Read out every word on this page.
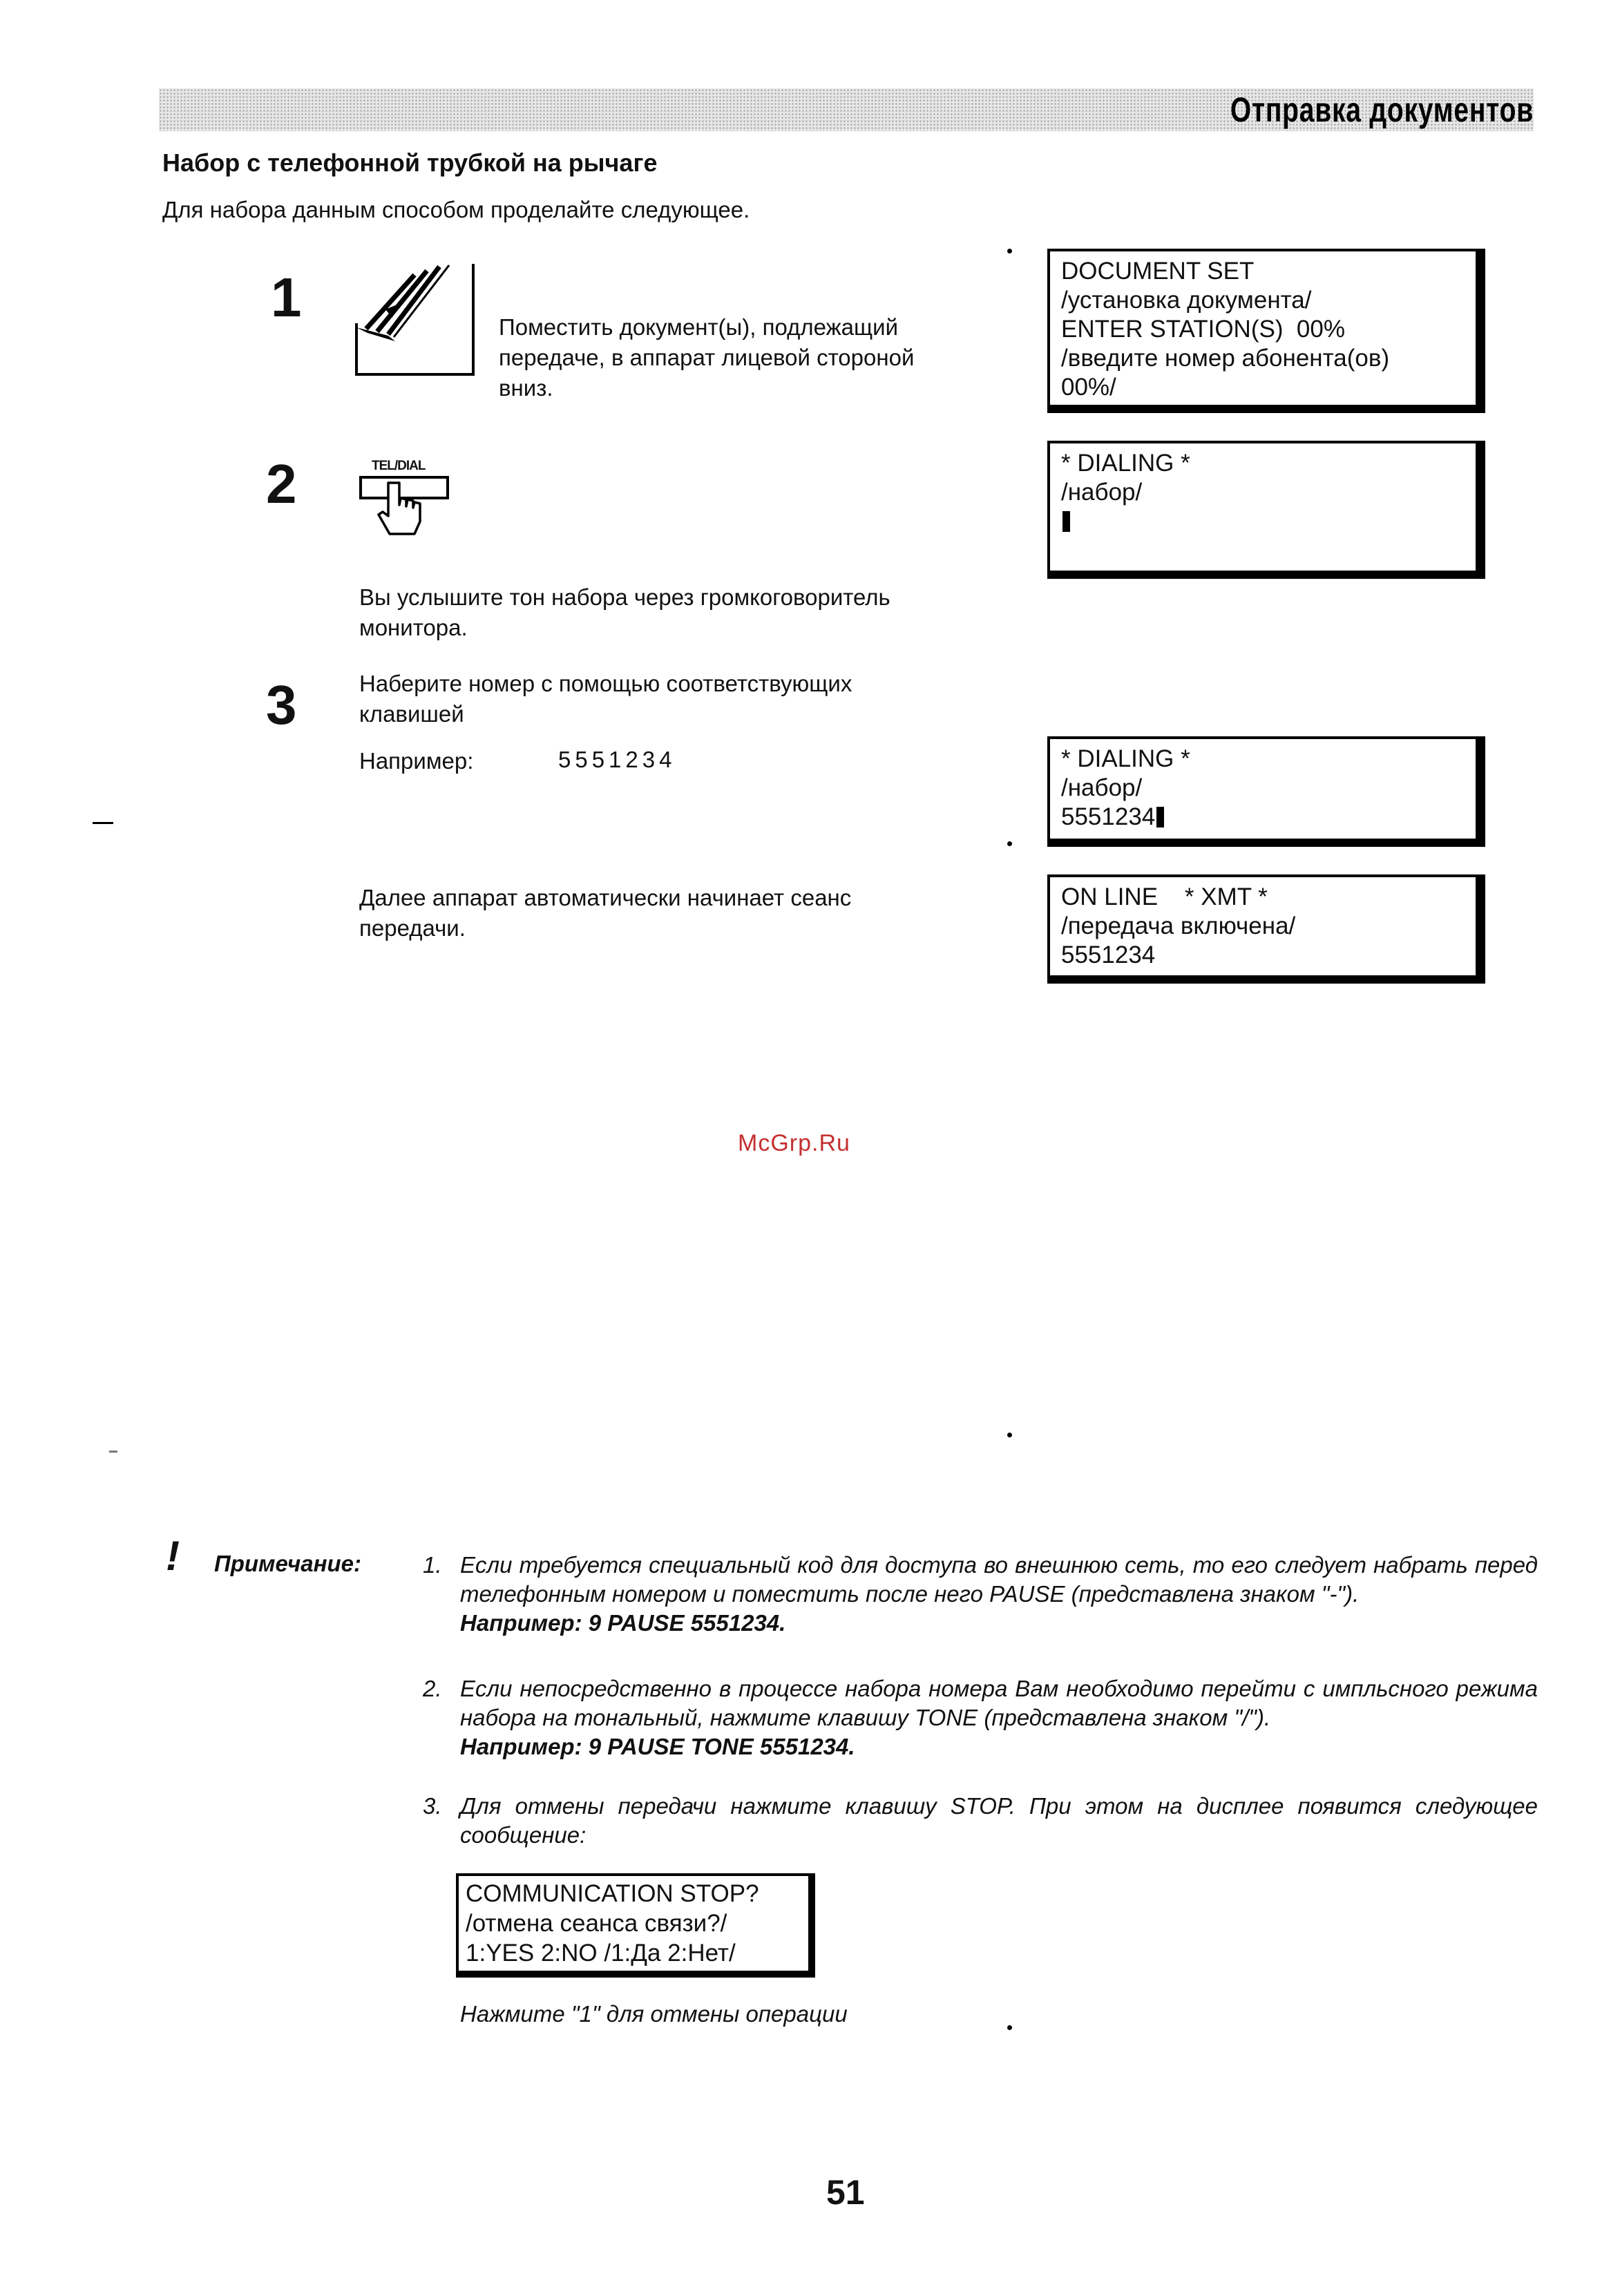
Отправка документов
Набор с телефонной трубкой на рычаге
Для набора данным способом проделайте следующее.
1	Поместить документ(ы), подлежащий
передаче, в аппарат лицевой стороной
вниз.
2	TEL/DIAL
Вы услышите тон набора через громкоговоритель
монитора.
3	Наберите номер с помощью соответствующих
клавишей
Например:	5551234
Далее аппарат автоматически начинает сеанс
передачи.
DOCUMENT SET
/установка документа/
ENTER STATION(S)  00%
/введите номер абонента(ов)
00%/
* DIALING *
/набор/
* DIALING *
/набор/
5551234
ON LINE    * XMT *
/передача включена/
5551234
McGrp.Ru
! Примечание:	1. Если требуется специальный код для доступа во внешнюю сеть, то его следует набрать перед телефонным номером и поместить после него PAUSE (представлена знаком "-").
Например: 9 PAUSE 5551234.
2. Если непосредственно в процессе набора номера Вам необходимо перейти с импльсного режима набора на тональный, нажмите клавишу TONE (представлена знаком "/").
Например: 9 PAUSE TONE 5551234.
3. Для отмены передачи нажмите клавишу STOP. При этом на дисплее появится следующее сообщение:
COMMUNICATION STOP?
/отмена сеанса связи?/
1:YES 2:NO /1:Да 2:Нет/
Нажмите "1" для отмены операции
51
